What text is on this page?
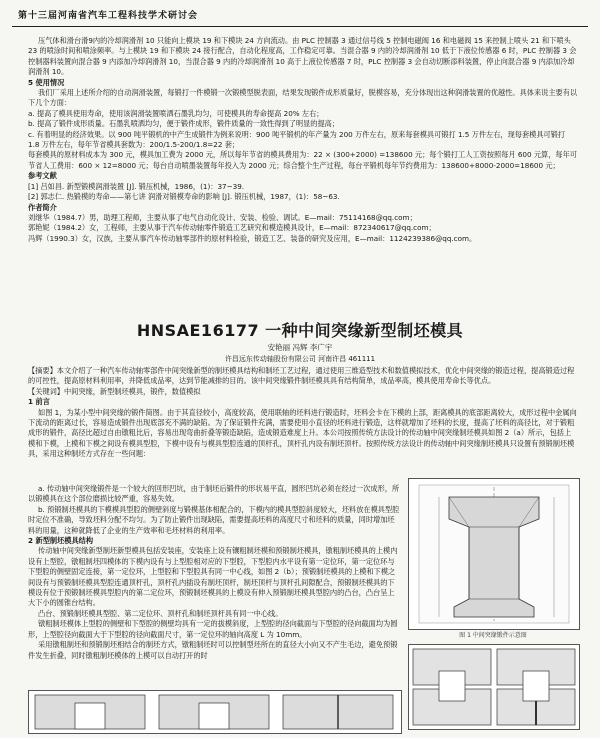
第十三届河南省汽车工程科技学术研讨会

压气体和滑台滑9内的冷却润滑剂 10 只能向上模块 19 和下模块 24 方向流动。由 PLC 控制器 3 通过信号线 5 控制电磁阀 16 和电磁阀 15 来控制上喷头 21 和下喷头 23 的喷涂时间和喷涂频率。与上模块 19 和下模块 24 接行配合，自动化程度高，工作稳定可靠。当混合器 9 内的冷却润滑剂 10 低于下液位传感器 6 时，PLC 控制器 3 会控制器料装置向混合器 9 内添加冷却润滑剂 10，当混合器 9 内的冷却润滑剂 10 高于上液位传感器 7 时，PLC 控制器 3 会自动切断添料装置，停止向混合器 9 内添加冷却润滑剂 10。

5 使用情况

我们厂采用上述所介绍的自动润滑装置，每锻打一件模锻一次锻模型脱表面，结果发现锻件成形质量好，脱模容易，充分体现出这种润滑装置的优越性。具体来说主要有以下几个方面：

a. 提高了模具使用寿命，使用该润滑装置喷洒石墨乳均匀，可使模具的寿命提高 20% 左右；

b. 提高了锻件成形质量。石墨乳喷洒均匀，便于锻件成形，锻件质量的一致性得到了明显的提高；

c. 有着明显的经济效果。以 900 吨平锻机的中产生成锻件为例来说明：900 吨平锻机的年产量为 200 万件左右，原来每套模具可锻打 1.5 万件左右，现每套模具可锻打 1.8 万件左右，每年节省模具套数为：200/1.5-200/1.8=22 套；

每套模具的原材料成本为 300 元，模具加工费为 2000 元，所以每年节省的模具费用为：22 × (300+2000) =138600 元；每个锻打工人工资按照每月 600 元算，每年可节省人工费用：600 × 12=8000 元；每台自动喷墨装置每年投入为 2000 元；综合整个生产过程，每台平锻机每年节约费用为：138600+8000-2000=18600 元；

参考文献

[1] 吕如昌. 新型锻模润滑装置 [J]. 锻压机械，1986，(1)：37~39.

[2] 郭志仁. 热锻模的寿命——第七讲 润滑对锻模寿命的影响 [J]. 锻压机械，1987，(1)：58~63.

作者简介

刘继华（1984.7）男，助理工程师，主要从事了电气自动化设计、安装、检验、调试。E—mail：75114168@qq.com；

郭艳妮（1984.2）女，工程师，主要从事于汽车传动轴零件锻造工艺研究和模造模具设计，E—mail：872340617@qq.com；

冯辉（1990.3）女，汉族，主要从事汽车传动轴零部件的原材料检验，锻造工艺、装备的研究及应用，E—mail：1124239386@qq.com。

HNSAE16177 一种中间突缘新型制坯模具
安艳丽 冯辉 李广宇
许昌远东传动轴股份有限公司 河南许昌 461111

【摘要】本文介绍了一种汽车传动轴零部件中间突缘新型的制坯模具结构和制坯工艺过程，通过使用三维造型技术和数值模拟技术，优化中间突缘的锻造过程，提高锻造过程的可控性，提高原材料利用率，并降低成品率，达到节能减排的目的。该中间突缘锻件制坯模具具有结构简单，成品率高，模具使用寿命长等优点。

【关键词】中间突缘，新型制坯模具，锻件，数值模拟

1 前言

如图 1，为某小型中间突缘的锻件简图。由于其直径较小，高度较高，使用联轴的坯料进行锻造时，坯料会卡在下模的上部，距离模具的底部距离较大，成形过程中金属向下流动的距离过长，容易造成锻件出现底部充不满的缺陷。为了保证锻件充满，需要使用小直径的坯料进行锻造，这样就增加了坯料的长度，提高了坯料的高径比，对于锻粗成形的锻件，高径比超过自由镦粗比后，容易出现弯曲折叠等锻造缺陷，造成锻造难度上升。本公司按照传统方法设计的传动轴中间突缘制坯模具如图 2（a）所示，包括上模和下模，上模和下模之间设有模具型腔，下模中设有与模具型腔连通的顶杆孔，顶杆孔内设有制坯顶杆。按照传统方法设计的传动轴中间突缘制坯模具只设置有预锻制坯模具，采用这种制坯方式存在一些问题：

a. 传动轴中间突缘锻件是一个较大的回形凹坑，由于制坯后锻件的形状易平直，圆形凹坑必须在经过一次成形，所以锻模具在这个部位磨损比较严重，容易失效。

b. 预锻制坯模具的下模模具型腔的侧壁斜度与锻模基体相配合的，下模内的模具型腔斜度较大，坯料放在模具型腔时定位不准确，导致坯料分配不均匀。为了防止锻件出现缺陷，需要提高坯料的高度尺寸和坯料的质量，同时增加坯料的用量，这种就降低了企业的生产效率和毛坯材料的利用率。

2 新型制坯模具结构

传动轴中间突缘新型制坯新型模具包括安装座，安装座上设有镶粗制坯模和预锻制坯模具，镦粗制坯模具的上模内设有上型腔，镦粗制坯四模体的下模内设有与上型腔相对应的下型腔，下型腔内水平设有第一定位环，第一定位环与下型腔的侧壁固定连接，第一定位环，上型腔和下型腔具有同一中心线，如图 2（b）；预锻制坯模具的上模和下模之间设有与预锻制坯模具型腔连通顶杆孔，顶杆孔内插设有制坯顶杆，制坯顶杆与顶杆孔间隙配合，预锻制坯模具的下模设有位于预锻制坯模具型腔内的第二定位环，预锻制坯模具的上模设有伸入预锻制坯模具型腔内的凸台，凸台呈上大下小的圆锥台结构。

凸台、预锻制坯模具型腔、第二定位环、顶杆孔和制坯顶杆具有同一中心线。

镦粗制坯模体上型腔的侧壁和下型腔的侧壁均具有一定的拔模斜度，上型腔的径向截面与下型腔的径向截面均为圆形，上型腔径向截面大于下型腔的径向截面尺寸，第一定位环的轴向高度 L 为 10mm。

采用镦粗制坯和预锻制坯相结合的制坯方式，镦粗制坯时可以控制型坯所在的直径大小向又不产生毛边，避免预锻件发生折叠，同时镦粗制坯模体的上模可以自动打开的时

图 1 中间突缘锻件示意图
